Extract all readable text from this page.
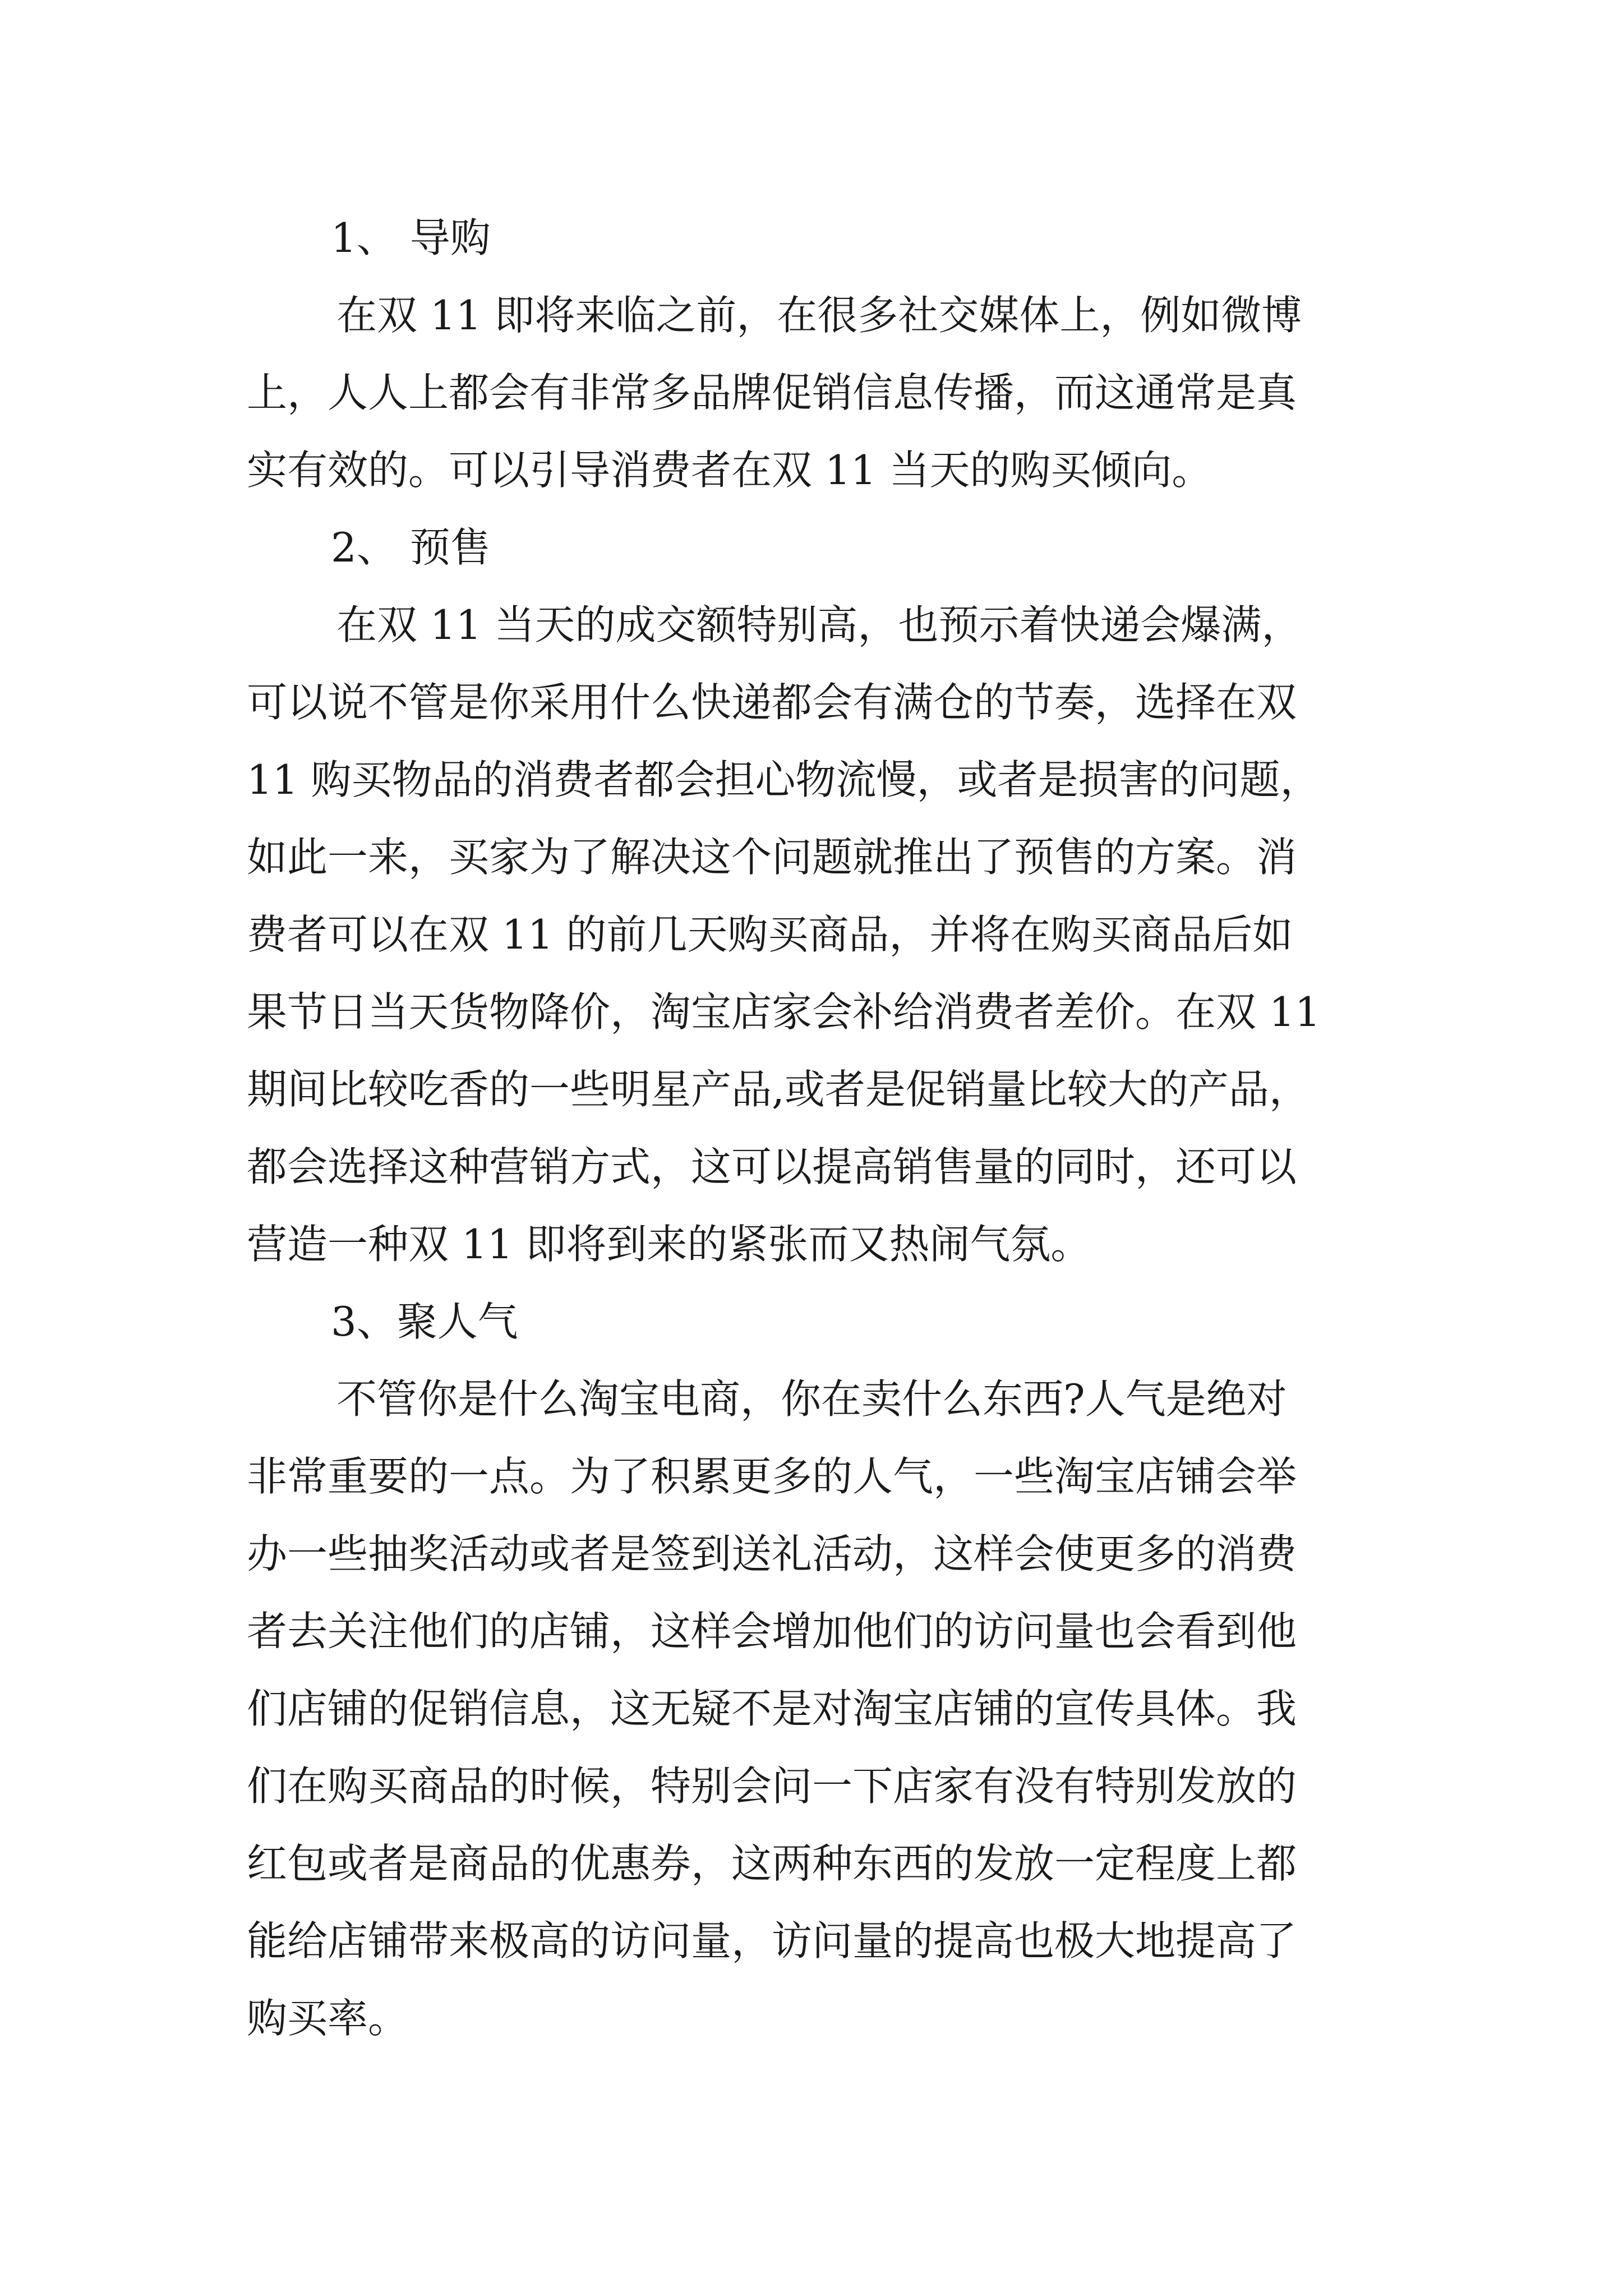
1、 导购

在双 11 即将来临之前，在很多社交媒体上，例如微博

上，人人上都会有非常多品牌促销信息传播，而这通常是真

实有效的。可以引导消费者在双 11 当天的购买倾向。

2、 预售

在双 11 当天的成交额特别高，也预示着快递会爆满，

可以说不管是你采用什么快递都会有满仓的节奏，选择在双

11 购买物品的消费者都会担心物流慢，或者是损害的问题，

如此一来，买家为了解决这个问题就推出了预售的方案。消

费者可以在双 11 的前几天购买商品，并将在购买商品后如

果节日当天货物降价，淘宝店家会补给消费者差价。在双 11

期间比较吃香的一些明星产品,或者是促销量比较大的产品，

都会选择这种营销方式，这可以提高销售量的同时，还可以

营造一种双 11 即将到来的紧张而又热闹气氛。

3、聚人气

不管你是什么淘宝电商，你在卖什么东西?人气是绝对

非常重要的一点。为了积累更多的人气，一些淘宝店铺会举

办一些抽奖活动或者是签到送礼活动，这样会使更多的消费

者去关注他们的店铺，这样会增加他们的访问量也会看到他

们店铺的促销信息，这无疑不是对淘宝店铺的宣传具体。我

们在购买商品的时候，特别会问一下店家有没有特别发放的

红包或者是商品的优惠券，这两种东西的发放一定程度上都

能给店铺带来极高的访问量，访问量的提高也极大地提高了

购买率。
